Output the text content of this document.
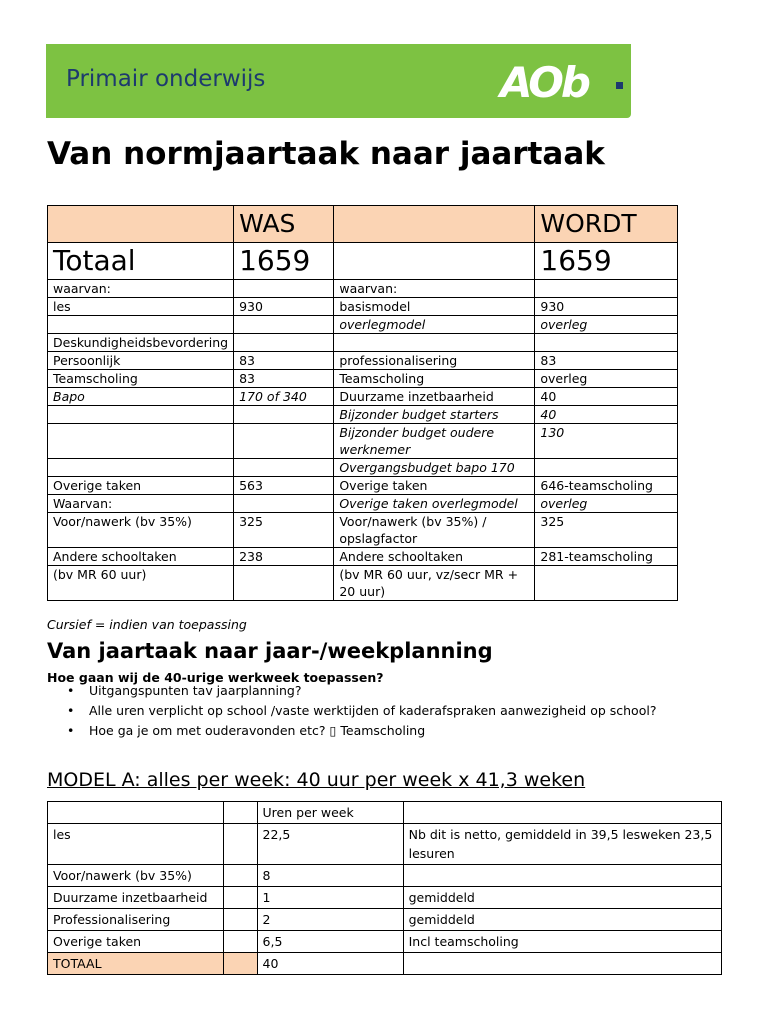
Primair onderwijs	AOb
Van normjaartaak naar jaartaak
	WAS		WORDT
Totaal	1659		1659
waarvan:		waarvan:	
les	930	basismodel	930
		overlegmodel	overleg
Deskundigheidsbevordering			
Persoonlijk	83	professionalisering	83
Teamscholing	83	Teamscholing	overleg
Bapo	170 of 340	Duurzame inzetbaarheid	40
		Bijzonder budget starters	40
		Bijzonder budget oudere werknemer	130
		Overgangsbudget bapo 170	
Overige taken	563	Overige taken	646-teamscholing
Waarvan:		Overige taken overlegmodel	overleg
Voor/nawerk (bv 35%)	325	Voor/nawerk (bv 35%) / opslagfactor	325
Andere schooltaken	238	Andere schooltaken	281-teamscholing
(bv MR 60 uur)		(bv MR 60 uur, vz/secr MR + 20 uur)	
Cursief = indien van toepassing
Van jaartaak naar jaar-/weekplanning
Hoe gaan wij de 40-urige werkweek toepassen?
• Uitgangspunten tav jaarplanning?
• Alle uren verplicht op school /vaste werktijden of kaderafspraken aanwezigheid op school?
• Hoe ga je om met ouderavonden etc? ▯ Teamscholing
MODEL A: alles per week: 40 uur per week x 41,3 weken
		Uren per week	
les		22,5	Nb dit is netto, gemiddeld in 39,5 lesweken 23,5 lesuren
Voor/nawerk (bv 35%)		8	
Duurzame inzetbaarheid		1	gemiddeld
Professionalisering		2	gemiddeld
Overige taken		6,5	Incl teamscholing
TOTAAL		40	
